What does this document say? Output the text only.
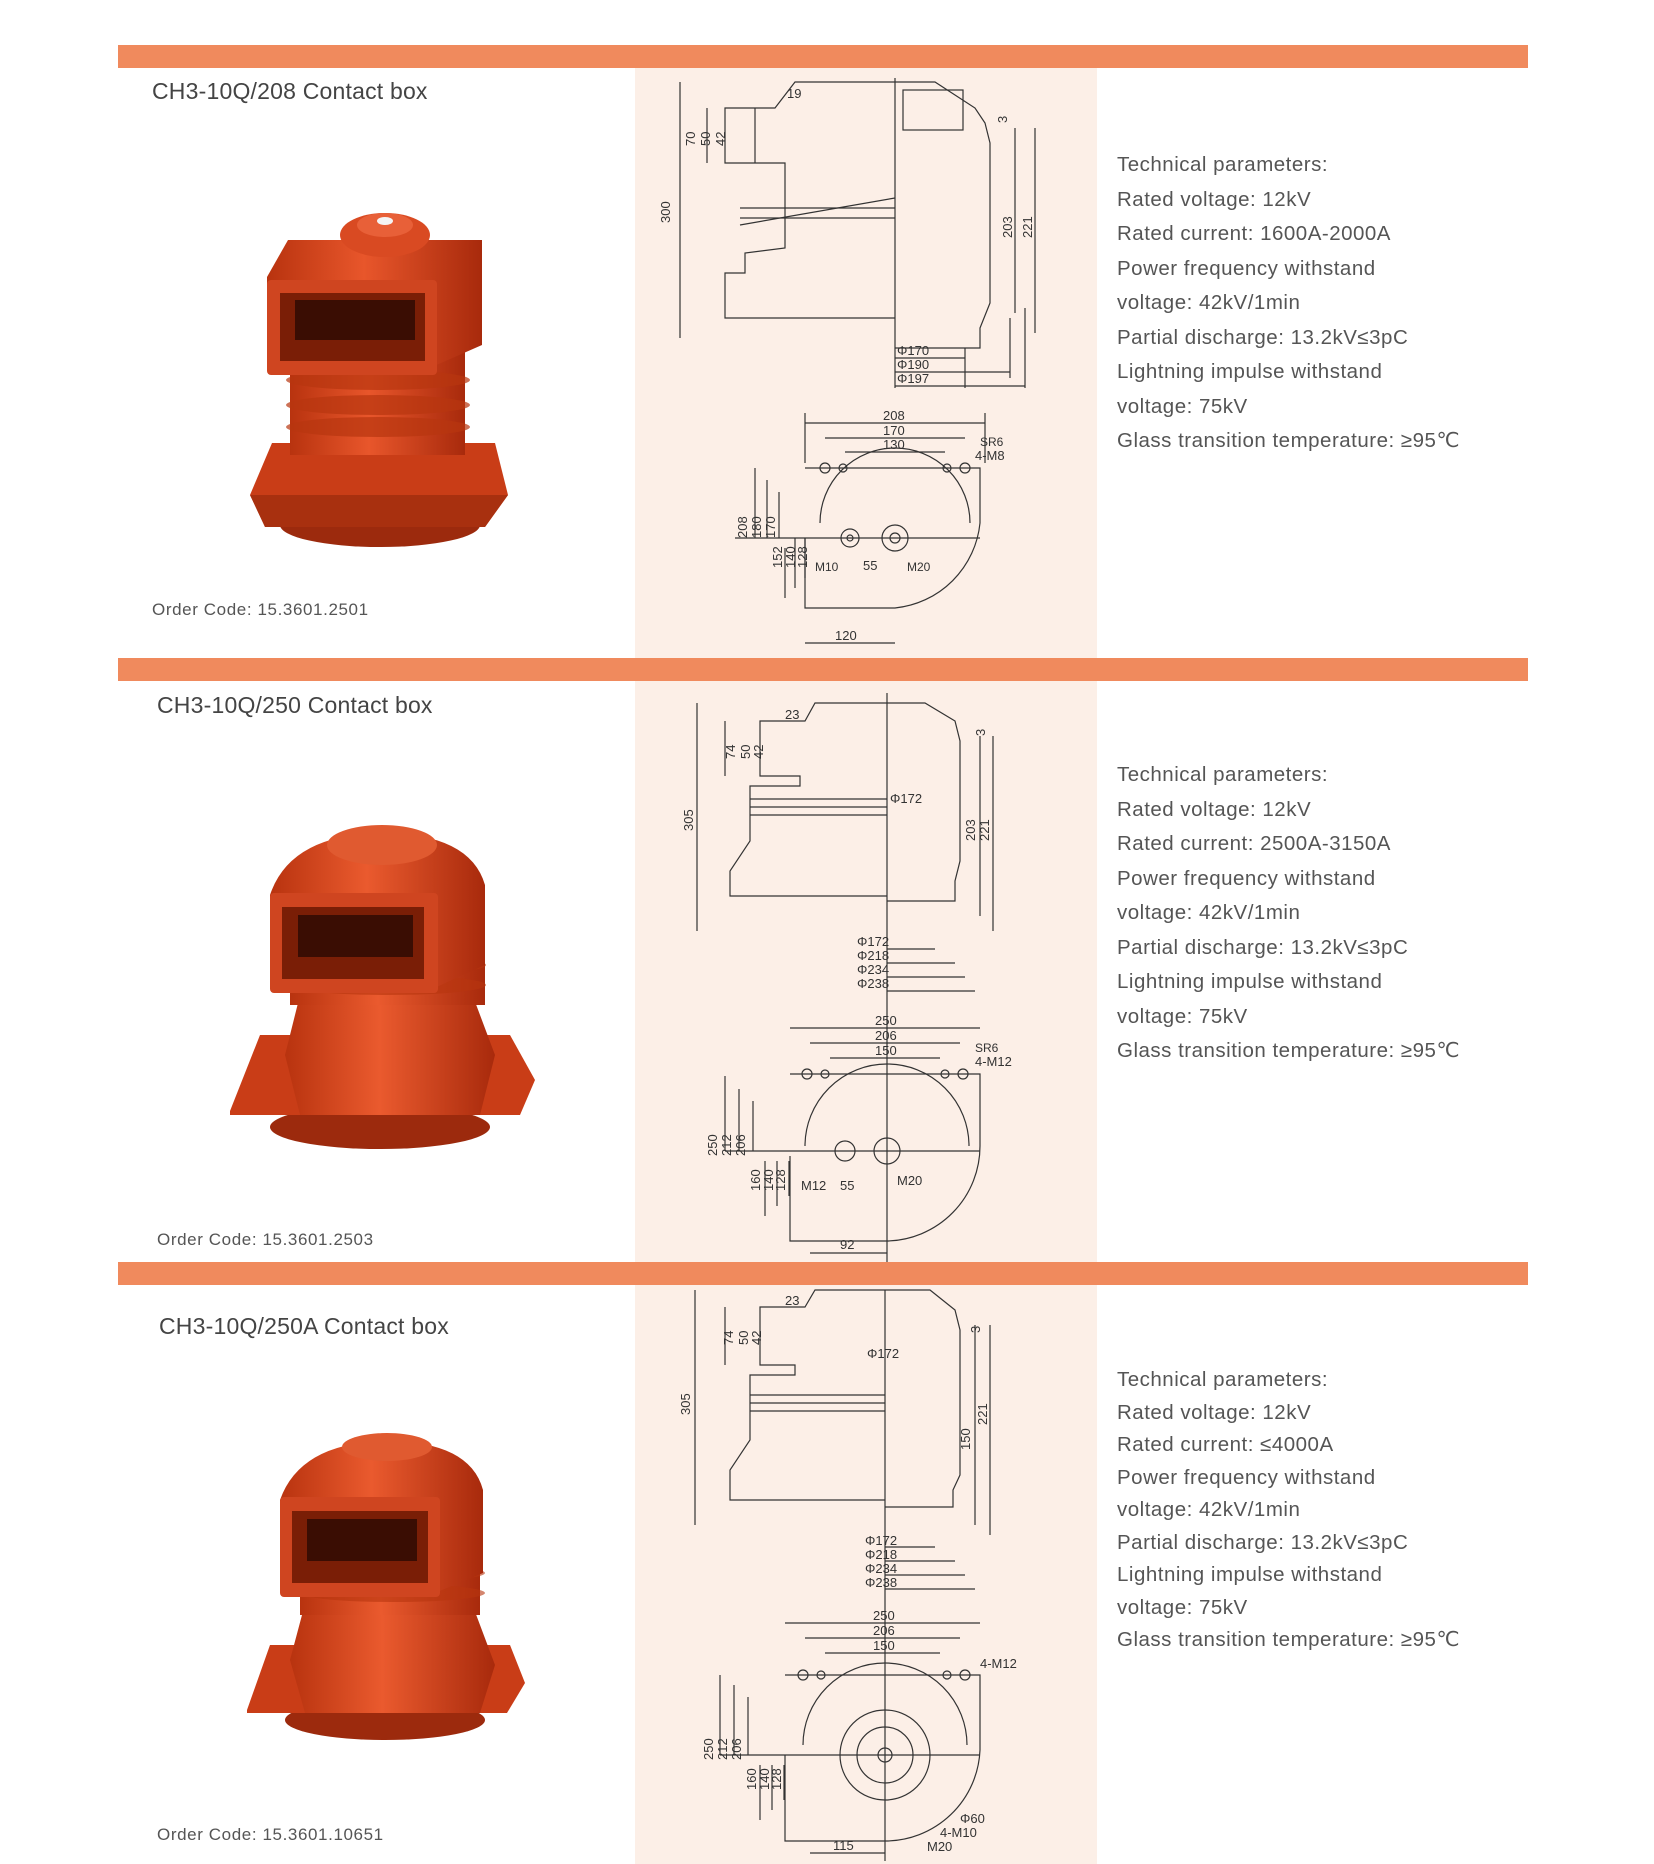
CH3-10Q/208 Contact box
Order Code: 15.3601.2501
19
70 50 42
300
3
203 221
Φ170
Φ190
Φ197
208
170
130	SR6
4-M8
208 180 170
152
140
128 M10 55 M20
120
Technical parameters:
Rated voltage: 12kV
Rated current: 1600A-2000A
Power frequency withstand
voltage: 42kV/1min
Partial discharge: 13.2kV≤3pC
Lightning impulse withstand
voltage: 75kV
Glass transition temperature: ≥95℃
CH3-10Q/250 Contact box
Order Code: 15.3601.2503
23
74 50
42
305
3
203 221
Φ172
Φ172
Φ218
Φ234
Φ238
250
206
150	SR6
4-M12
250 212 206
160
140
128 M12 55	M20
92
Technical parameters:
Rated voltage: 12kV
Rated current: 2500A-3150A
Power frequency withstand
voltage: 42kV/1min
Partial discharge: 13.2kV≤3pC
Lightning impulse withstand
voltage: 75kV
Glass transition temperature: ≥95℃
CH3-10Q/250A Contact box
Order Code: 15.3601.10651
23
74 50
42
305
3
150
221
Φ172
Φ172
Φ218
Φ234
Φ238
250
206
150
4-M12
250 212 206
160
140
128
Φ60
4-M10
M20
115
Technical parameters:
Rated voltage: 12kV
Rated current: ≤4000A
Power frequency withstand
voltage: 42kV/1min
Partial discharge: 13.2kV≤3pC
Lightning impulse withstand
voltage: 75kV
Glass transition temperature: ≥95℃
